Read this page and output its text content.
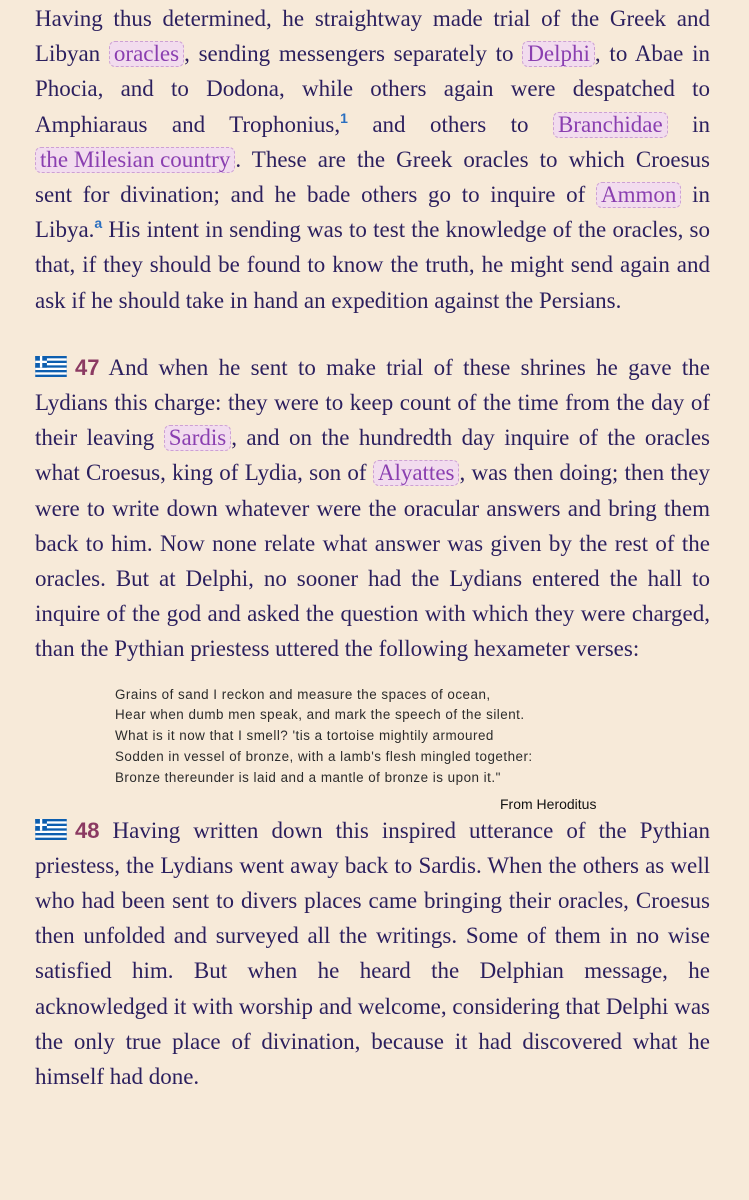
Having thus determined, he straightway made trial of the Greek and Libyan oracles , sending messengers separately to Delphi , to Abae in Phocia, and to Dodona, while others again were despatched to Amphiaraus and Trophonius,$^1$ and others to Branchidae in the Milesian country . These are the Greek oracles to which Croesus sent for divination; and he bade others go to inquire of Ammon in Libya.$^a$ His intent in sending was to test the knowledge of the oracles, so that, if they should be found to know the truth, he might send again and ask if he should take in hand an expedition against the Persians.

47 And when he sent to make trial of these shrines he gave the Lydians this charge: they were to keep count of the time from the day of their leaving Sardis , and on the hundredth day inquire of the oracles what Croesus, king of Lydia, son of Alyattes , was then doing; then they were to write down whatever were the oracular answers and bring them back to him. Now none relate what answer was given by the rest of the oracles. But at Delphi, no sooner had the Lydians entered the hall to inquire of the god and asked the question with which they were charged, than the Pythian priestess uttered the following hexameter verses:

Grains of sand I reckon and measure the spaces of ocean,
Hear when dumb men speak, and mark the speech of the silent.
What is it now that I smell? 'tis a tortoise mightily armoured
Sodden in vessel of bronze, with a lamb's flesh mingled together:
Bronze thereunder is laid and a mantle of bronze is upon it."
From Heroditus

48 Having written down this inspired utterance of the Pythian priestess, the Lydians went away back to Sardis. When the others as well who had been sent to divers places came bringing their oracles, Croesus then unfolded and surveyed all the writings. Some of them in no wise satisfied him. But when he heard the Delphian message, he acknowledged it with worship and welcome, considering that Delphi was the only true place of divination, because it had discovered what he himself had done.
